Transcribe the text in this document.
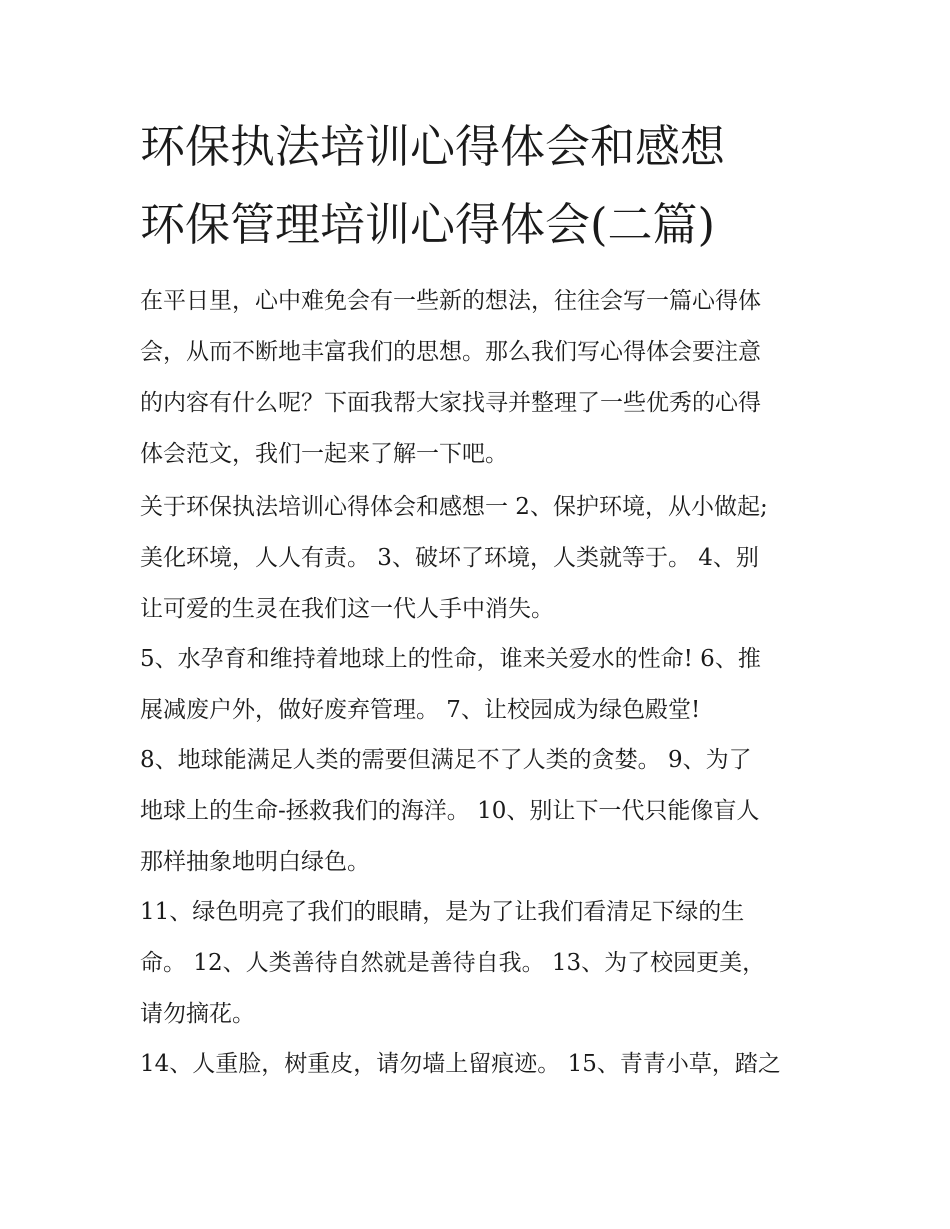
环保执法培训心得体会和感想
环保管理培训心得体会(二篇)
在平日里，心中难免会有一些新的想法，往往会写一篇心得体
会，从而不断地丰富我们的思想。那么我们写心得体会要注意
的内容有什么呢？下面我帮大家找寻并整理了一些优秀的心得
体会范文，我们一起来了解一下吧。
关于环保执法培训心得体会和感想一 2、保护环境，从小做起;
美化环境，人人有责。 3、破坏了环境，人类就等于。 4、别
让可爱的生灵在我们这一代人手中消失。
5、水孕育和维持着地球上的性命，谁来关爱水的性命! 6、推
展减废户外，做好废弃管理。 7、让校园成为绿色殿堂!
8、地球能满足人类的需要但满足不了人类的贪婪。 9、为了
地球上的生命-拯救我们的海洋。 10、别让下一代只能像盲人
那样抽象地明白绿色。
11、绿色明亮了我们的眼睛，是为了让我们看清足下绿的生
命。 12、人类善待自然就是善待自我。 13、为了校园更美，
请勿摘花。
14、人重脸，树重皮，请勿墙上留痕迹。 15、青青小草，踏之
